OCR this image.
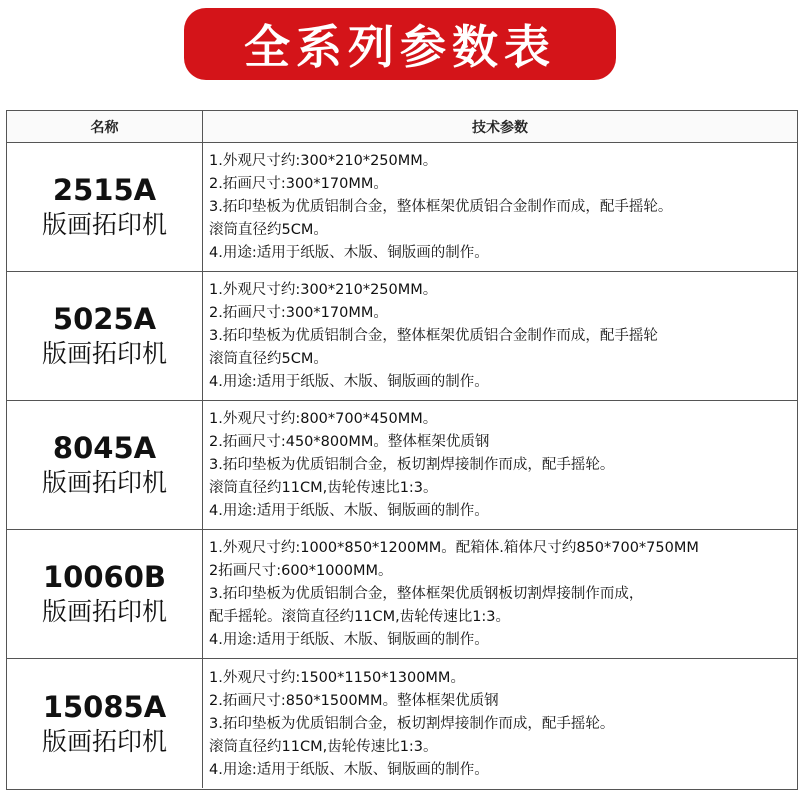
全系列参数表
名称	技术参数
2515A
版画拓印机
1.外观尺寸约:300*210*250MM。
2.拓画尺寸:300*170MM。
3.拓印垫板为优质铝制合金，整体框架优质铝合金制作而成，配手摇轮。
滚筒直径约5CM。
4.用途:适用于纸版、木版、铜版画的制作。
5025A
版画拓印机
1.外观尺寸约:300*210*250MM。
2.拓画尺寸:300*170MM。
3.拓印垫板为优质铝制合金，整体框架优质铝合金制作而成，配手摇轮
滚筒直径约5CM。
4.用途:适用于纸版、木版、铜版画的制作。
8045A
版画拓印机
1.外观尺寸约:800*700*450MM。
2.拓画尺寸:450*800MM。整体框架优质钢
3.拓印垫板为优质铝制合金，板切割焊接制作而成，配手摇轮。
滚筒直径约11CM,齿轮传速比1:3。
4.用途:适用于纸版、木版、铜版画的制作。
10060B
版画拓印机
1.外观尺寸约:1000*850*1200MM。配箱体.箱体尺寸约850*700*750MM
2拓画尺寸:600*1000MM。
3.拓印垫板为优质铝制合金，整体框架优质钢板切割焊接制作而成，
配手摇轮。滚筒直径约11CM,齿轮传速比1:3。
4.用途:适用于纸版、木版、铜版画的制作。
15085A
版画拓印机
1.外观尺寸约:1500*1150*1300MM。
2.拓画尺寸:850*1500MM。整体框架优质钢
3.拓印垫板为优质铝制合金，板切割焊接制作而成，配手摇轮。
滚筒直径约11CM,齿轮传速比1:3。
4.用途:适用于纸版、木版、铜版画的制作。
